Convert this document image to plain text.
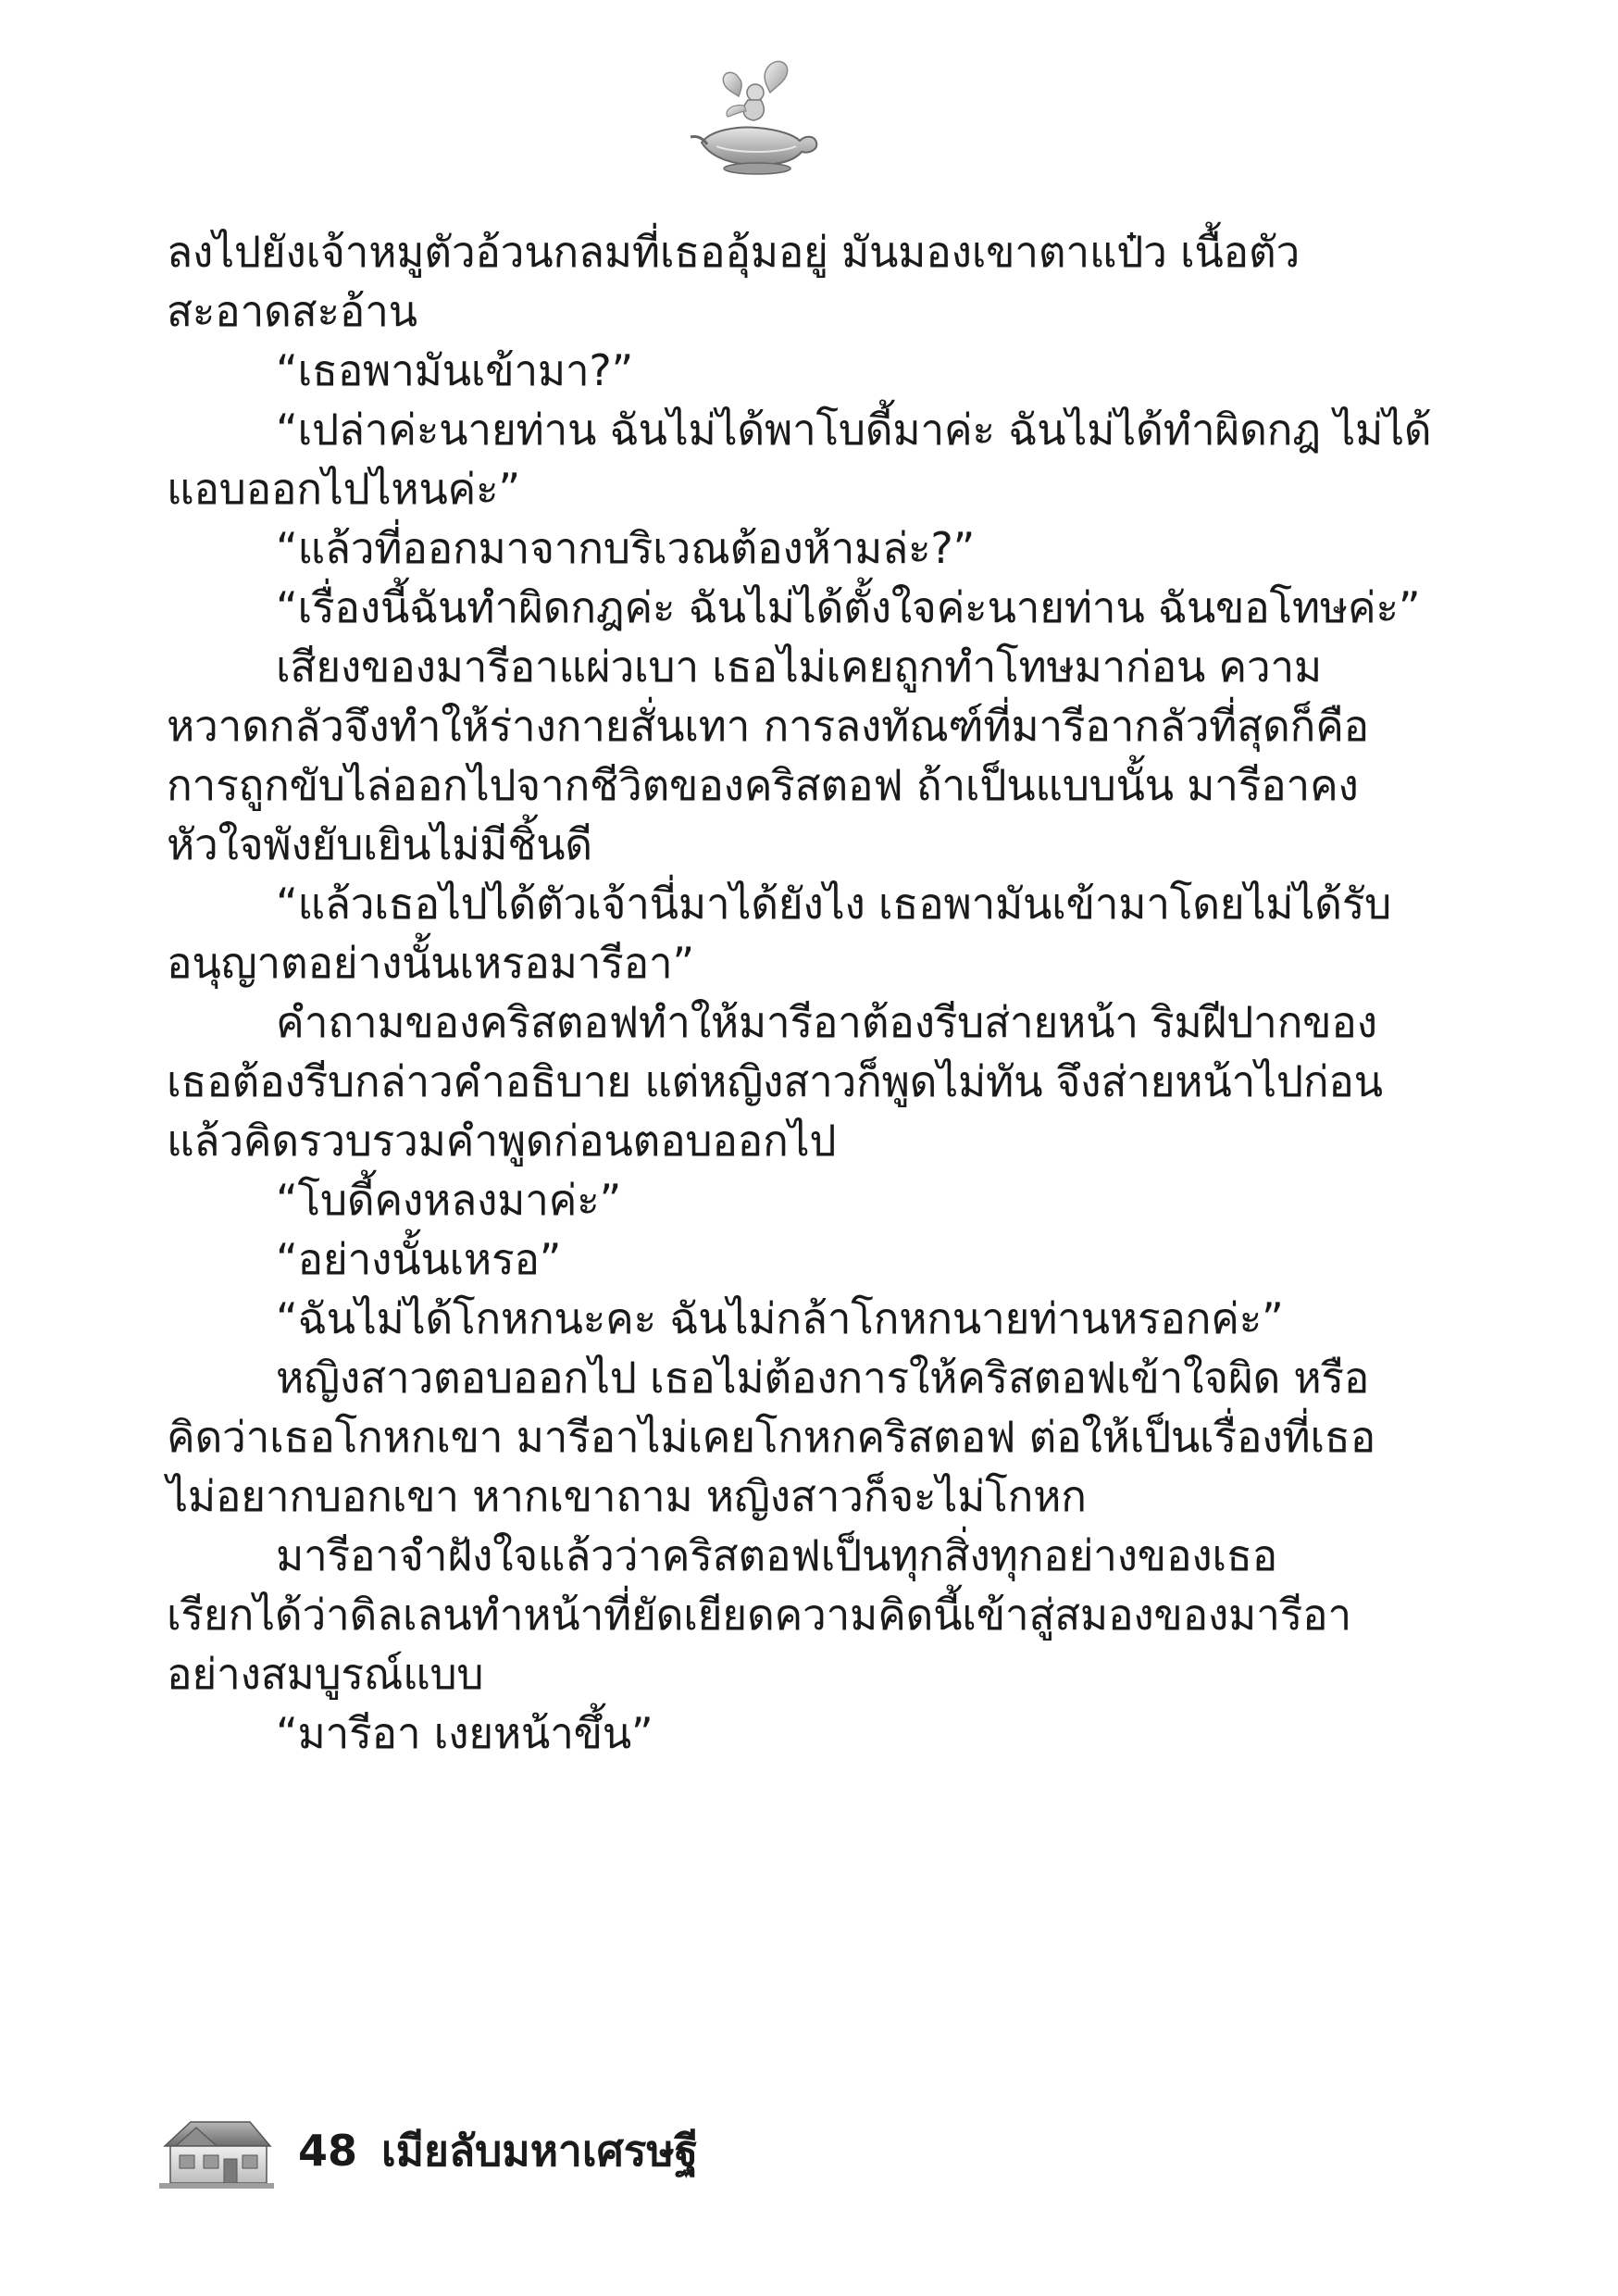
ลงไปยังเจ้าหมูตัวอ้วนกลมที่เธออุ้มอยู่ มันมองเขาตาแป๋ว เนื้อตัว

สะอาดสะอ้าน

“เธอพามันเข้ามา?”

“เปล่าค่ะนายท่าน ฉันไม่ได้พาโบดี้มาค่ะ ฉันไม่ได้ทำผิดกฎ ไม่ได้

แอบออกไปไหนค่ะ”

“แล้วที่ออกมาจากบริเวณต้องห้ามล่ะ?”

“เรื่องนี้ฉันทำผิดกฎค่ะ ฉันไม่ได้ตั้งใจค่ะนายท่าน ฉันขอโทษค่ะ”

เสียงของมารีอาแผ่วเบา เธอไม่เคยถูกทำโทษมาก่อน ความ

หวาดกลัวจึงทำให้ร่างกายสั่นเทา การลงทัณฑ์ที่มารีอากลัวที่สุดก็คือ

การถูกขับไล่ออกไปจากชีวิตของคริสตอฟ ถ้าเป็นแบบนั้น มารีอาคง

หัวใจพังยับเยินไม่มีชิ้นดี

“แล้วเธอไปได้ตัวเจ้านี่มาได้ยังไง เธอพามันเข้ามาโดยไม่ได้รับ

อนุญาตอย่างนั้นเหรอมารีอา”

คำถามของคริสตอฟทำให้มารีอาต้องรีบส่ายหน้า ริมฝีปากของ

เธอต้องรีบกล่าวคำอธิบาย แต่หญิงสาวก็พูดไม่ทัน จึงส่ายหน้าไปก่อน

แล้วคิดรวบรวมคำพูดก่อนตอบออกไป

“โบดี้คงหลงมาค่ะ”

“อย่างนั้นเหรอ”

“ฉันไม่ได้โกหกนะคะ ฉันไม่กล้าโกหกนายท่านหรอกค่ะ”

หญิงสาวตอบออกไป เธอไม่ต้องการให้คริสตอฟเข้าใจผิด หรือ

คิดว่าเธอโกหกเขา มารีอาไม่เคยโกหกคริสตอฟ ต่อให้เป็นเรื่องที่เธอ

ไม่อยากบอกเขา หากเขาถาม หญิงสาวก็จะไม่โกหก

มารีอาจำฝังใจแล้วว่าคริสตอฟเป็นทุกสิ่งทุกอย่างของเธอ

เรียกได้ว่าดิลเลนทำหน้าที่ยัดเยียดความคิดนี้เข้าสู่สมองของมารีอา

อย่างสมบูรณ์แบบ

“มารีอา เงยหน้าขึ้น”

48 เมียลับมหาเศรษฐี
